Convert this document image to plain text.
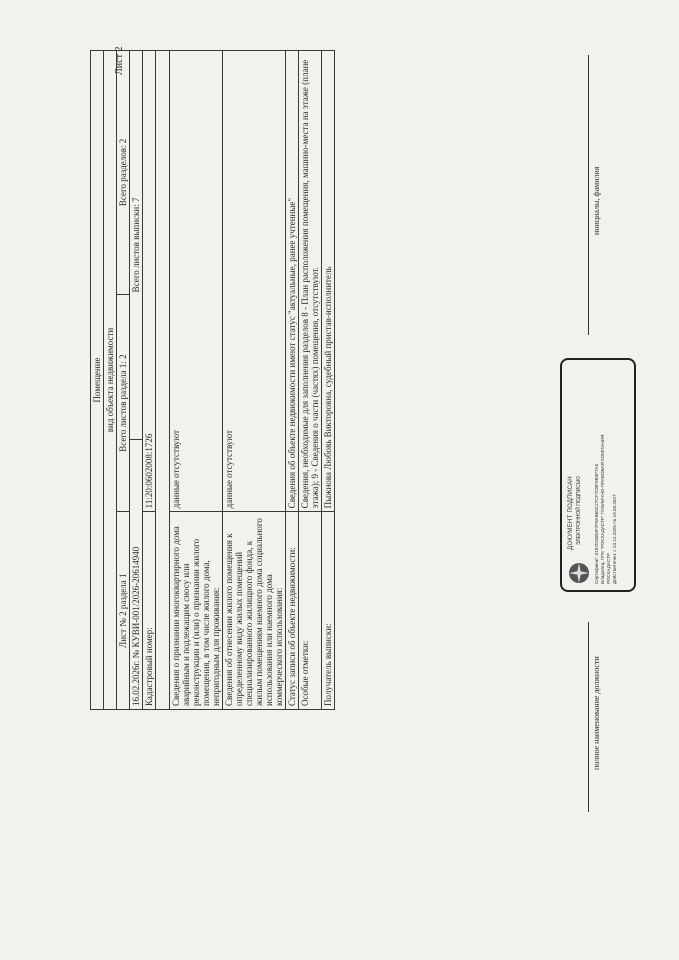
Лист 2
Помещение			
вид объекта недвижимости			
Лист № 2 раздела 1	Всего листов раздела 1: 2		Всего разделов: 2
16.02.2026г. № КУВИ-001/2026-20614940		Всего листов выписки: 7	
Кадастровый номер:	11:20:0602008:1726		

Сведения о признании многоквартирного дома аварийным и подлежащим сносу или реконструкции и (или) о признании жилого помещения, в том числе жилого дома, непригодным для проживания:	данные отсутствуют		
Сведения об отнесении жилого помещения к определенному виду жилых помещений специализированного жилищного фонда, к жилым помещениям наемного дома социального использования или наемного дома коммерческого использования:	данные отсутствуют		
Статус записи об объекте недвижимости:	Сведения об объекте недвижимости имеют статус "актуальные, ранее учтенные"		
Особые отметки:	Сведения, необходимые для заполнения разделов 8 - План расположения помещения, машино-места на этаже (плане этажа); 9 - Сведения о части (частях) помещения, отсутствуют.		
Получатель выписки:	Пыжнова Любовь Викторовна, судебный пристав-исполнитель		
полное наименование должности
инициалы, фамилия
ДОКУМЕНТ ПОДПИСАН ЭЛЕКТРОННОЙ ПОДПИСЬЮ	Сертификат: 0197D35B3F7F9AB65C27CF7CBF9B3F7A0 Владелец: ППК "РОСКАДАСТР" ПУБЛИЧНО-ПРАВОВАЯ КОМПАНИЯ РОСКАДАСТР Действителен: с 24.12.2025 по 19.03.2027
